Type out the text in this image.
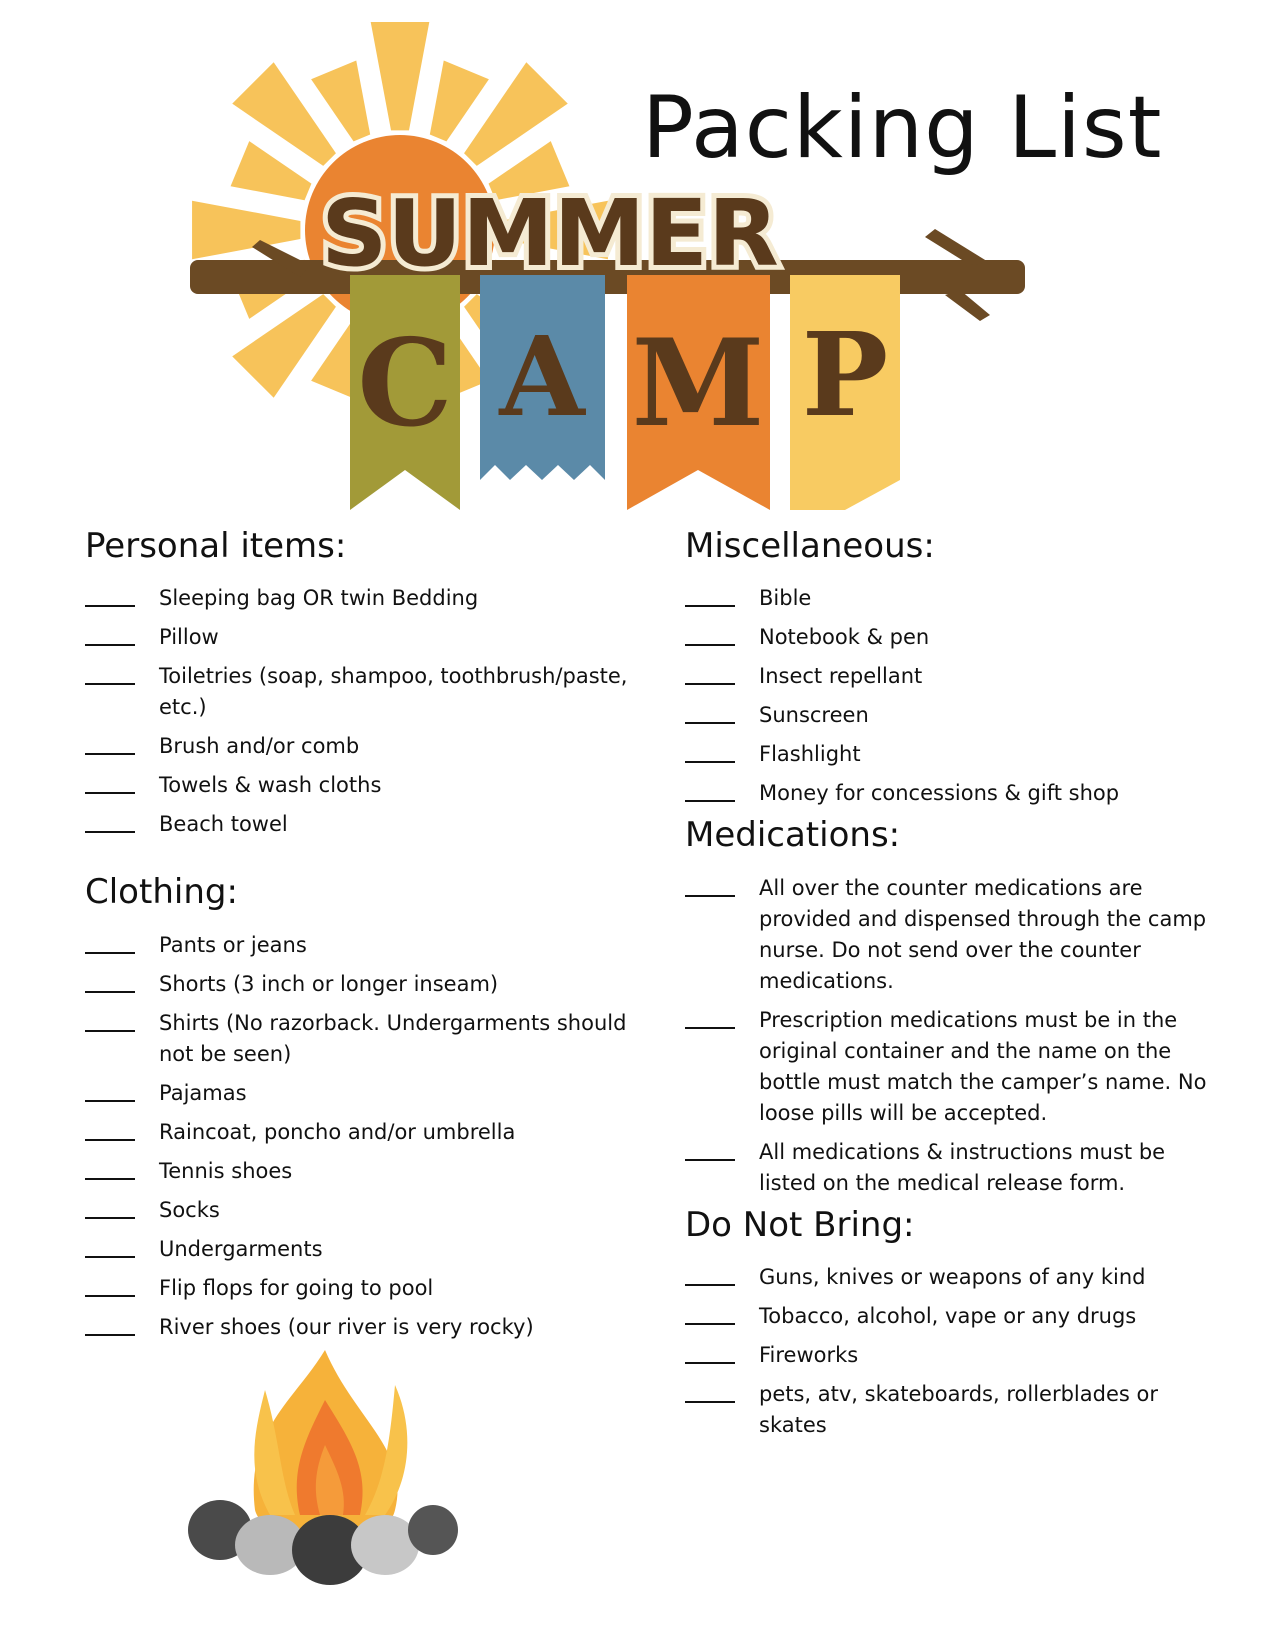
SUMMER
C A M P
Packing List
Personal items:
Sleeping bag OR twin Bedding
Pillow
Toiletries (soap, shampoo, toothbrush/paste, etc.)
Brush and/or comb
Towels & wash cloths
Beach towel
Clothing:
Pants or jeans
Shorts (3 inch or longer inseam)
Shirts (No razorback. Undergarments should not be seen)
Pajamas
Raincoat, poncho and/or umbrella
Tennis shoes
Socks
Undergarments
Flip flops for going to pool
River shoes (our river is very rocky)
Miscellaneous:
Bible
Notebook & pen
Insect repellant
Sunscreen
Flashlight
Money for concessions & gift shop
Medications:
All over the counter medications are provided and dispensed through the camp nurse. Do not send over the counter medications.
Prescription medications must be in the original container and the name on the bottle must match the camper’s name. No loose pills will be accepted.
All medications & instructions must be listed on the medical release form.
Do Not Bring:
Guns, knives or weapons of any kind
Tobacco, alcohol, vape or any drugs
Fireworks
pets, atv, skateboards, rollerblades or skates
